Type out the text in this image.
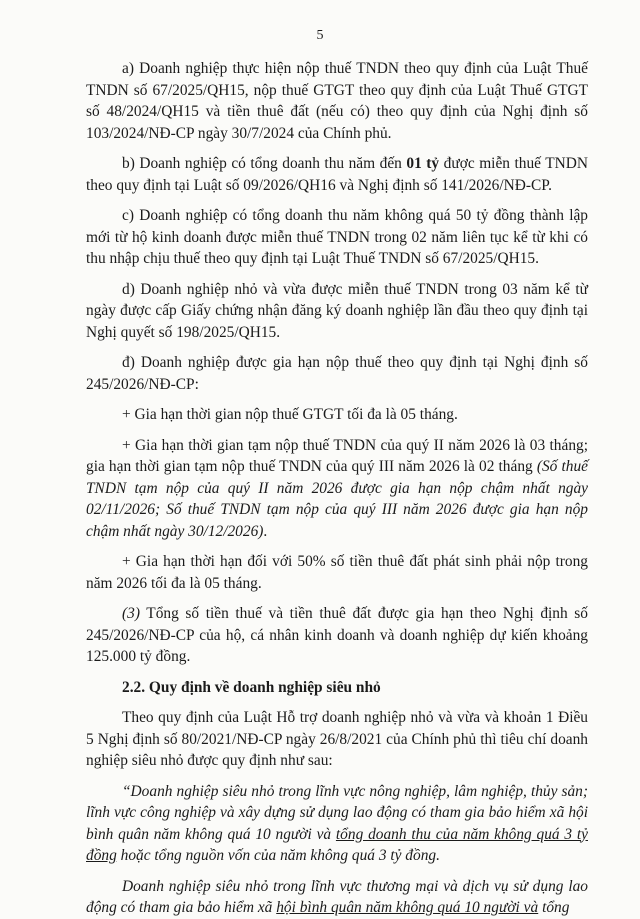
5

a) Doanh nghiệp thực hiện nộp thuế TNDN theo quy định của Luật Thuế TNDN số 67/2025/QH15, nộp thuế GTGT theo quy định của Luật Thuế GTGT số 48/2024/QH15 và tiền thuê đất (nếu có) theo quy định của Nghị định số 103/2024/NĐ-CP ngày 30/7/2024 của Chính phủ.

b) Doanh nghiệp có tổng doanh thu năm đến 01 tỷ được miễn thuế TNDN theo quy định tại Luật số 09/2026/QH16 và Nghị định số 141/2026/NĐ-CP.

c) Doanh nghiệp có tổng doanh thu năm không quá 50 tỷ đồng thành lập mới từ hộ kinh doanh được miễn thuế TNDN trong 02 năm liên tục kể từ khi có thu nhập chịu thuế theo quy định tại Luật Thuế TNDN số 67/2025/QH15.

d) Doanh nghiệp nhỏ và vừa được miễn thuế TNDN trong 03 năm kể từ ngày được cấp Giấy chứng nhận đăng ký doanh nghiệp lần đầu theo quy định tại Nghị quyết số 198/2025/QH15.

đ) Doanh nghiệp được gia hạn nộp thuế theo quy định tại Nghị định số 245/2026/NĐ-CP:

+ Gia hạn thời gian nộp thuế GTGT tối đa là 05 tháng.

+ Gia hạn thời gian tạm nộp thuế TNDN của quý II năm 2026 là 03 tháng; gia hạn thời gian tạm nộp thuế TNDN của quý III năm 2026 là 02 tháng (Số thuế TNDN tạm nộp của quý II năm 2026 được gia hạn nộp chậm nhất ngày 02/11/2026; Số thuế TNDN tạm nộp của quý III năm 2026 được gia hạn nộp chậm nhất ngày 30/12/2026).

+ Gia hạn thời hạn đối với 50% số tiền thuê đất phát sinh phải nộp trong năm 2026 tối đa là 05 tháng.

(3) Tổng số tiền thuế và tiền thuê đất được gia hạn theo Nghị định số 245/2026/NĐ-CP của hộ, cá nhân kinh doanh và doanh nghiệp dự kiến khoảng 125.000 tỷ đồng.

2.2. Quy định về doanh nghiệp siêu nhỏ

Theo quy định của Luật Hỗ trợ doanh nghiệp nhỏ và vừa và khoản 1 Điều 5 Nghị định số 80/2021/NĐ-CP ngày 26/8/2021 của Chính phủ thì tiêu chí doanh nghiệp siêu nhỏ được quy định như sau:

“Doanh nghiệp siêu nhỏ trong lĩnh vực nông nghiệp, lâm nghiệp, thủy sản; lĩnh vực công nghiệp và xây dựng sử dụng lao động có tham gia bảo hiểm xã hội bình quân năm không quá 10 người và tổng doanh thu của năm không quá 3 tỷ đồng hoặc tổng nguồn vốn của năm không quá 3 tỷ đồng.

Doanh nghiệp siêu nhỏ trong lĩnh vực thương mại và dịch vụ sử dụng lao động có tham gia bảo hiểm xã hội bình quân năm không quá 10 người và tổng
